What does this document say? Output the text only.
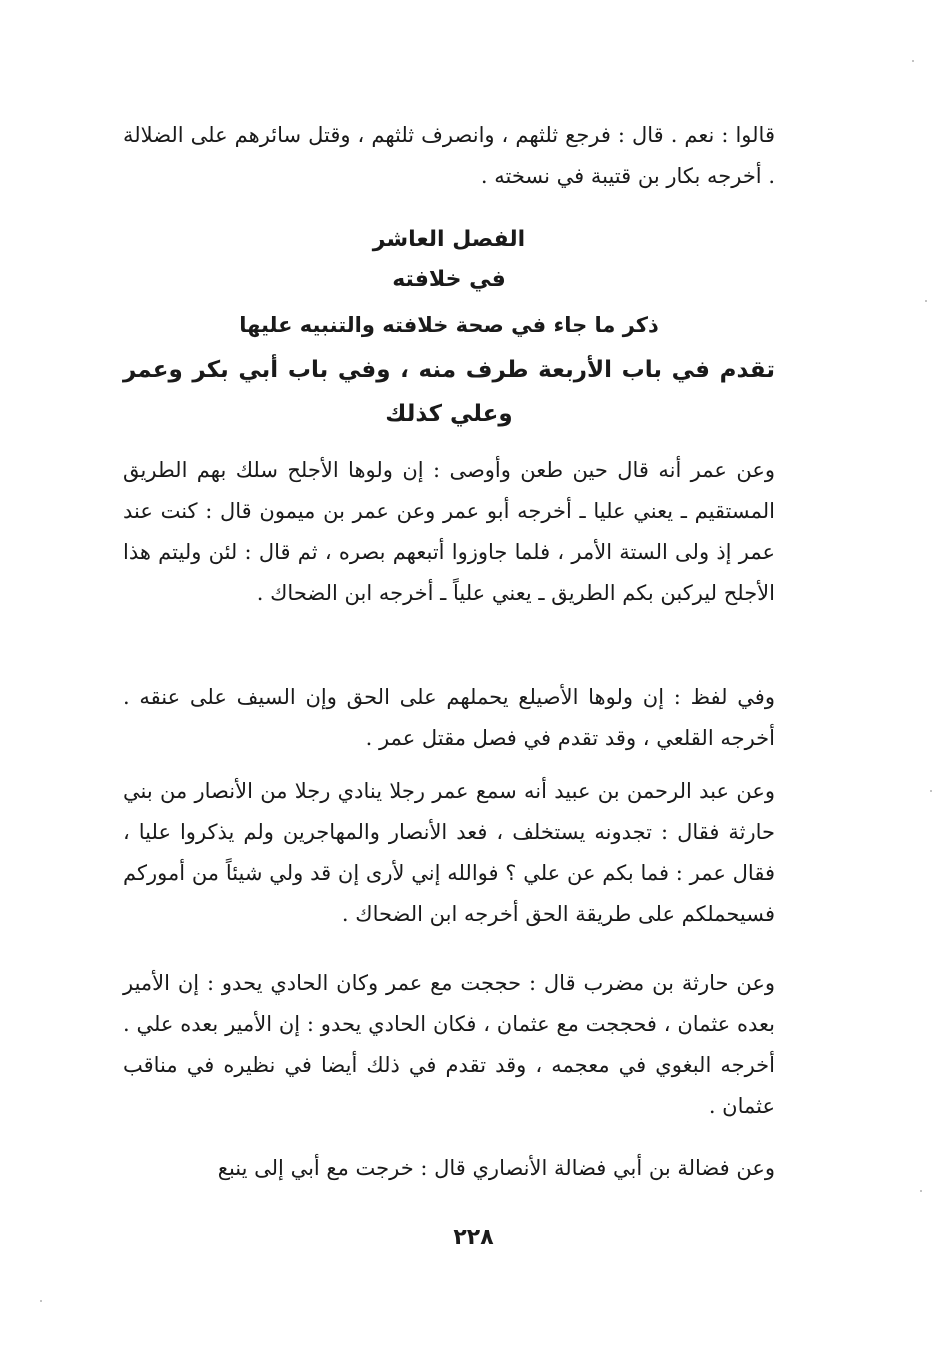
قالوا : نعم . قال : فرجع ثلثهم ، وانصرف ثلثهم ، وقتل سائرهم على الضلالة . أخرجه بكار بن قتيبة في نسخته .

الفصل العاشر
في خلافته
ذكر ما جاء في صحة خلافته والتنبيه عليها
تقدم في باب الأربعة طرف منه ، وفي باب أبي بكر وعمر وعلي كذلك

وعن عمر أنه قال حين طعن وأوصى : إن ولوها الأجلح سلك بهم الطريق المستقيم ـ يعني عليا ـ أخرجه أبو عمر وعن عمر بن ميمون قال : كنت عند عمر إذ ولى الستة الأمر ، فلما جاوزوا أتبعهم بصره ، ثم قال : لئن وليتم هذا الأجلح ليركبن بكم الطريق ـ يعني علياً ـ أخرجه ابن الضحاك .

وفي لفظ : إن ولوها الأصيلع يحملهم على الحق وإن السيف على عنقه . أخرجه القلعي ، وقد تقدم في فصل مقتل عمر .

وعن عبد الرحمن بن عبيد أنه سمع عمر رجلا ينادي رجلا من الأنصار من بني حارثة فقال : تجدونه يستخلف ، فعد الأنصار والمهاجرين ولم يذكروا عليا ، فقال عمر : فما بكم عن علي ؟ فوالله إني لأرى إن قد ولي شيئاً من أموركم فسيحملكم على طريقة الحق أخرجه ابن الضحاك .

وعن حارثة بن مضرب قال : حججت مع عمر وكان الحادي يحدو : إن الأمير بعده عثمان ، فحججت مع عثمان ، فكان الحادي يحدو : إن الأمير بعده علي . أخرجه البغوي في معجمه ، وقد تقدم في ذلك أيضا في نظيره في مناقب عثمان .

وعن فضالة بن أبي فضالة الأنصاري قال : خرجت مع أبي إلى ينبع

٢٢٨
